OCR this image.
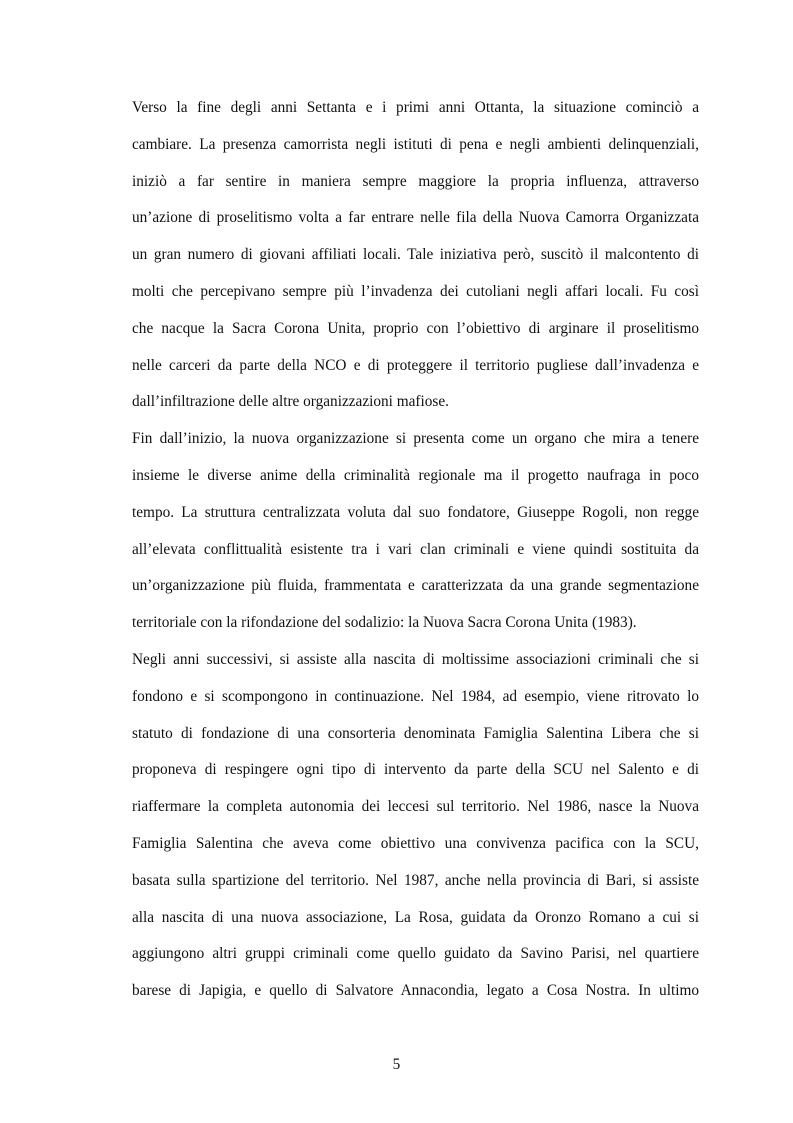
Verso la fine degli anni Settanta e i primi anni Ottanta, la situazione cominciò a
cambiare. La presenza camorrista negli istituti di pena e negli ambienti delinquenziali,
iniziò a far sentire in maniera sempre maggiore la propria influenza, attraverso
un’azione di proselitismo volta a far entrare nelle fila della Nuova Camorra Organizzata
un gran numero di giovani affiliati locali. Tale iniziativa però, suscitò il malcontento di
molti che percepivano sempre più l’invadenza dei cutoliani negli affari locali. Fu così
che nacque la Sacra Corona Unita, proprio con l’obiettivo di arginare il proselitismo
nelle carceri da parte della NCO e di proteggere il territorio pugliese dall’invadenza e
dall’infiltrazione delle altre organizzazioni mafiose.
Fin dall’inizio, la nuova organizzazione si presenta come un organo che mira a tenere
insieme le diverse anime della criminalità regionale ma il progetto naufraga in poco
tempo. La struttura centralizzata voluta dal suo fondatore, Giuseppe Rogoli, non regge
all’elevata conflittualità esistente tra i vari clan criminali e viene quindi sostituita da
un’organizzazione più fluida, frammentata e caratterizzata da una grande segmentazione
territoriale con la rifondazione del sodalizio: la Nuova Sacra Corona Unita (1983).
Negli anni successivi, si assiste alla nascita di moltissime associazioni criminali che si
fondono e si scompongono in continuazione. Nel 1984, ad esempio, viene ritrovato lo
statuto di fondazione di una consorteria denominata Famiglia Salentina Libera che si
proponeva di respingere ogni tipo di intervento da parte della SCU nel Salento e di
riaffermare la completa autonomia dei leccesi sul territorio. Nel 1986, nasce la Nuova
Famiglia Salentina che aveva come obiettivo una convivenza pacifica con la SCU,
basata sulla spartizione del territorio. Nel 1987, anche nella provincia di Bari, si assiste
alla nascita di una nuova associazione, La Rosa, guidata da Oronzo Romano a cui si
aggiungono altri gruppi criminali come quello guidato da Savino Parisi, nel quartiere
barese di Japigia, e quello di Salvatore Annacondia, legato a Cosa Nostra. In ultimo
5
